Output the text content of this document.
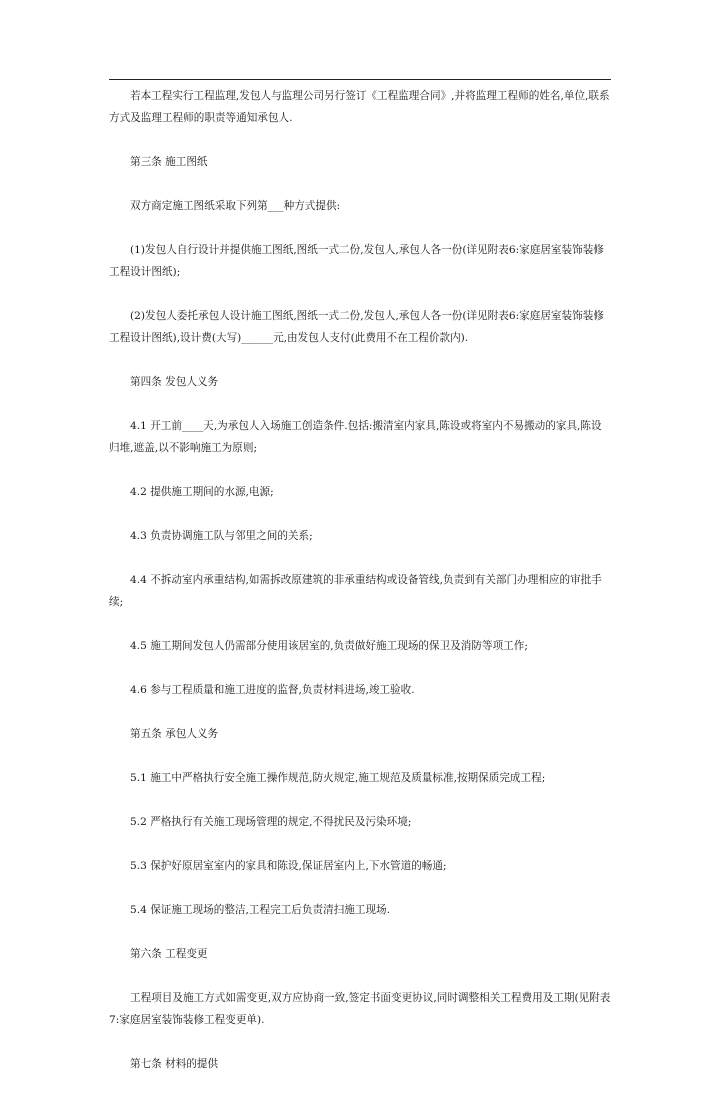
若本工程实行工程监理,发包人与监理公司另行签订《工程监理合同》,并将监理工程师的姓名,单位,联系方式及监理工程师的职责等通知承包人.

第三条 施工图纸

双方商定施工图纸采取下列第___种方式提供:

(1)发包人自行设计并提供施工图纸,图纸一式二份,发包人,承包人各一份(详见附表6:家庭居室装饰装修工程设计图纸);

(2)发包人委托承包人设计施工图纸,图纸一式二份,发包人,承包人各一份(详见附表6:家庭居室装饰装修工程设计图纸),设计费(大写)______元,由发包人支付(此费用不在工程价款内).

第四条 发包人义务

4.1 开工前____天,为承包人入场施工创造条件.包括:搬清室内家具,陈设或将室内不易搬动的家具,陈设归堆,遮盖,以不影响施工为原则;

4.2 提供施工期间的水源,电源;

4.3 负责协调施工队与邻里之间的关系;

4.4 不拆动室内承重结构,如需拆改原建筑的非承重结构或设备管线,负责到有关部门办理相应的审批手续;

4.5 施工期间发包人仍需部分使用该居室的,负责做好施工现场的保卫及消防等项工作;

4.6 参与工程质量和施工进度的监督,负责材料进场,竣工验收.

第五条 承包人义务

5.1 施工中严格执行安全施工操作规范,防火规定,施工规范及质量标准,按期保质完成工程;

5.2 严格执行有关施工现场管理的规定,不得扰民及污染环境;

5.3 保护好原居室室内的家具和陈设,保证居室内上,下水管道的畅通;

5.4 保证施工现场的整洁,工程完工后负责清扫施工现场.

第六条 工程变更

工程项目及施工方式如需变更,双方应协商一致,签定书面变更协议,同时调整相关工程费用及工期(见附表7:家庭居室装饰装修工程变更单).

第七条 材料的提供
